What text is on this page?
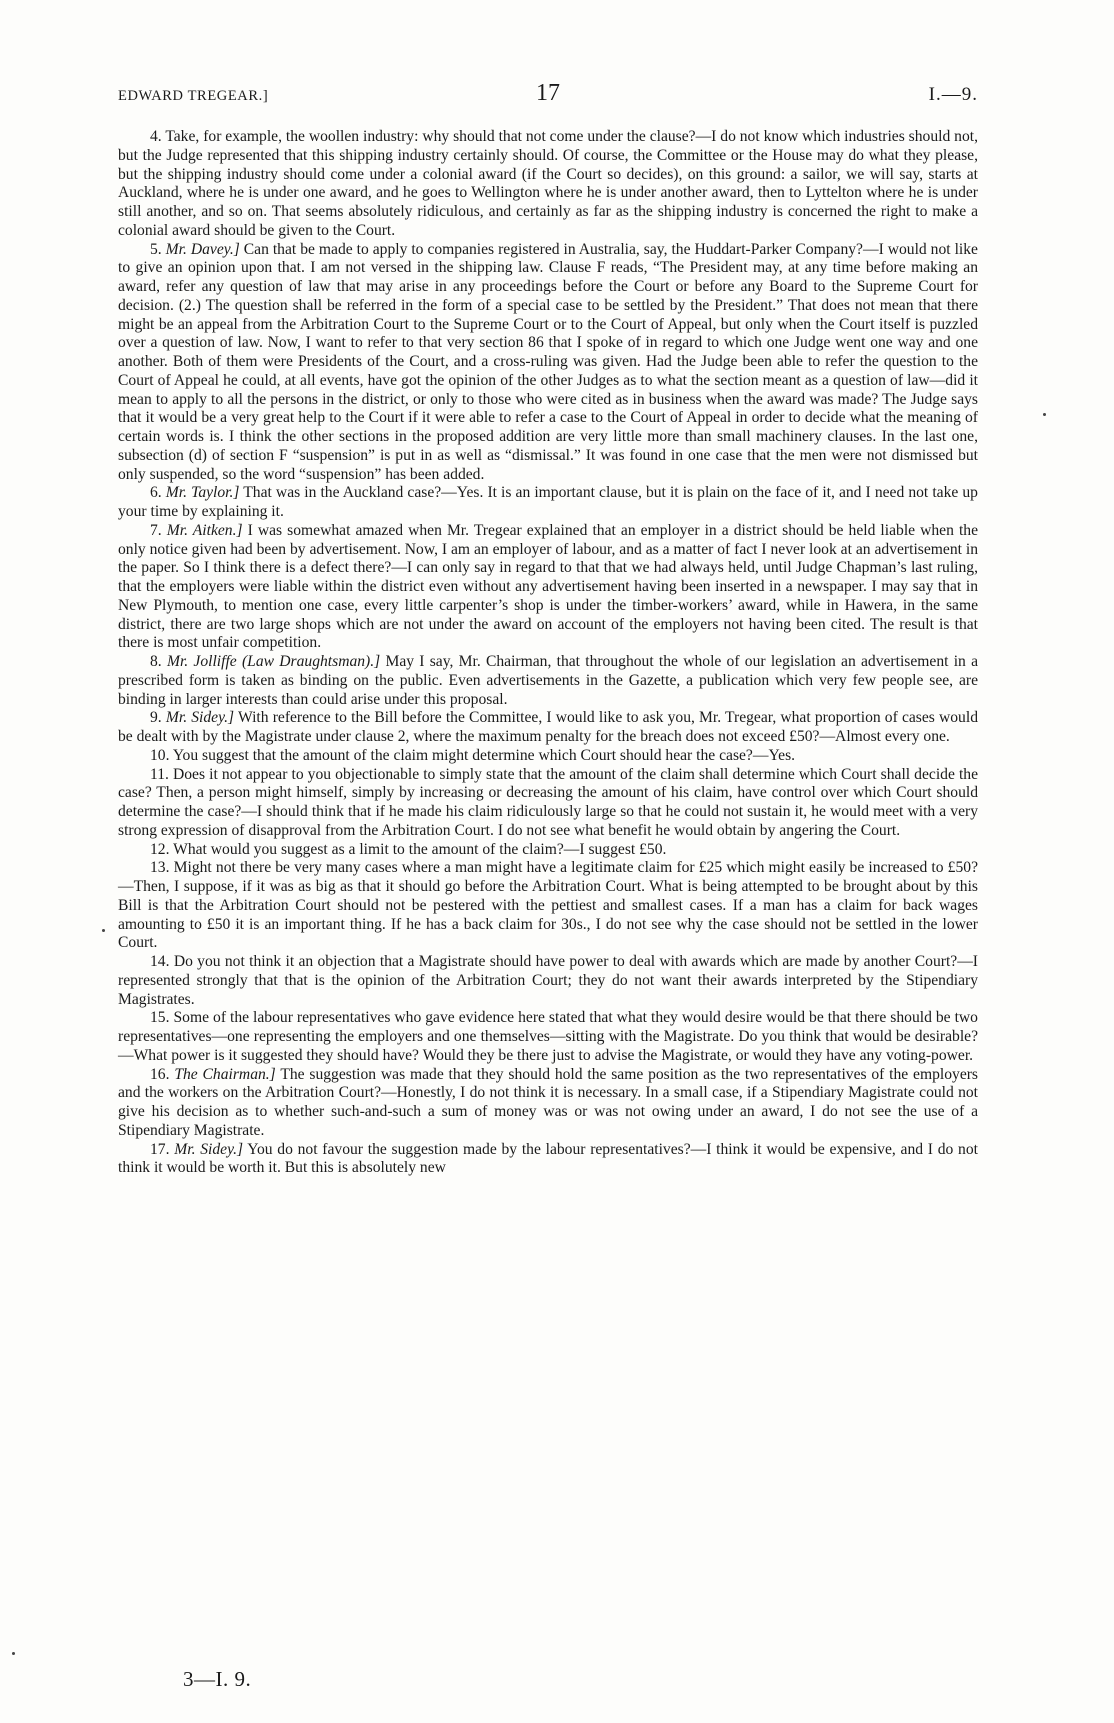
EDWARD TREGEAR.]	17	I.—9.

4. Take, for example, the woollen industry: why should that not come under the clause?—I do not know which industries should not, but the Judge represented that this shipping industry certainly should. Of course, the Committee or the House may do what they please, but the shipping industry should come under a colonial award (if the Court so decides), on this ground: a sailor, we will say, starts at Auckland, where he is under one award, and he goes to Wellington where he is under another award, then to Lyttelton where he is under still another, and so on. That seems absolutely ridiculous, and certainly as far as the shipping industry is concerned the right to make a colonial award should be given to the Court.

5. Mr. Davey.] Can that be made to apply to companies registered in Australia, say, the Huddart-Parker Company?—I would not like to give an opinion upon that. I am not versed in the shipping law. Clause F reads, “The President may, at any time before making an award, refer any question of law that may arise in any proceedings before the Court or before any Board to the Supreme Court for decision. (2.) The question shall be referred in the form of a special case to be settled by the President.” That does not mean that there might be an appeal from the Arbitration Court to the Supreme Court or to the Court of Appeal, but only when the Court itself is puzzled over a question of law. Now, I want to refer to that very section 86 that I spoke of in regard to which one Judge went one way and one another. Both of them were Presidents of the Court, and a cross-ruling was given. Had the Judge been able to refer the question to the Court of Appeal he could, at all events, have got the opinion of the other Judges as to what the section meant as a question of law—did it mean to apply to all the persons in the district, or only to those who were cited as in business when the award was made? The Judge says that it would be a very great help to the Court if it were able to refer a case to the Court of Appeal in order to decide what the meaning of certain words is. I think the other sections in the proposed addition are very little more than small machinery clauses. In the last one, subsection (d) of section F “suspension” is put in as well as “dismissal.” It was found in one case that the men were not dismissed but only suspended, so the word “suspension” has been added.

6. Mr. Taylor.] That was in the Auckland case?—Yes. It is an important clause, but it is plain on the face of it, and I need not take up your time by explaining it.

7. Mr. Aitken.] I was somewhat amazed when Mr. Tregear explained that an employer in a district should be held liable when the only notice given had been by advertisement. Now, I am an employer of labour, and as a matter of fact I never look at an advertisement in the paper. So I think there is a defect there?—I can only say in regard to that that we had always held, until Judge Chapman’s last ruling, that the employers were liable within the district even without any advertisement having been inserted in a newspaper. I may say that in New Plymouth, to mention one case, every little carpenter’s shop is under the timber-workers’ award, while in Hawera, in the same district, there are two large shops which are not under the award on account of the employers not having been cited. The result is that there is most unfair competition.

8. Mr. Jolliffe (Law Draughtsman).] May I say, Mr. Chairman, that throughout the whole of our legislation an advertisement in a prescribed form is taken as binding on the public. Even advertisements in the Gazette, a publication which very few people see, are binding in larger interests than could arise under this proposal.

9. Mr. Sidey.] With reference to the Bill before the Committee, I would like to ask you, Mr. Tregear, what proportion of cases would be dealt with by the Magistrate under clause 2, where the maximum penalty for the breach does not exceed £50?—Almost every one.

10. You suggest that the amount of the claim might determine which Court should hear the case?—Yes.

11. Does it not appear to you objectionable to simply state that the amount of the claim shall determine which Court shall decide the case? Then, a person might himself, simply by increasing or decreasing the amount of his claim, have control over which Court should determine the case?—I should think that if he made his claim ridiculously large so that he could not sustain it, he would meet with a very strong expression of disapproval from the Arbitration Court. I do not see what benefit he would obtain by angering the Court.

12. What would you suggest as a limit to the amount of the claim?—I suggest £50.

13. Might not there be very many cases where a man might have a legitimate claim for £25 which might easily be increased to £50?—Then, I suppose, if it was as big as that it should go before the Arbitration Court. What is being attempted to be brought about by this Bill is that the Arbitration Court should not be pestered with the pettiest and smallest cases. If a man has a claim for back wages amounting to £50 it is an important thing. If he has a back claim for 30s., I do not see why the case should not be settled in the lower Court.

14. Do you not think it an objection that a Magistrate should have power to deal with awards which are made by another Court?—I represented strongly that that is the opinion of the Arbitration Court; they do not want their awards interpreted by the Stipendiary Magistrates.

15. Some of the labour representatives who gave evidence here stated that what they would desire would be that there should be two representatives—one representing the employers and one themselves—sitting with the Magistrate. Do you think that would be desirable?—What power is it suggested they should have? Would they be there just to advise the Magistrate, or would they have any voting-power.

16. The Chairman.] The suggestion was made that they should hold the same position as the two representatives of the employers and the workers on the Arbitration Court?—Honestly, I do not think it is necessary. In a small case, if a Stipendiary Magistrate could not give his decision as to whether such-and-such a sum of money was or was not owing under an award, I do not see the use of a Stipendiary Magistrate.

17. Mr. Sidey.] You do not favour the suggestion made by the labour representatives?—I think it would be expensive, and I do not think it would be worth it. But this is absolutely new

3—I. 9.
